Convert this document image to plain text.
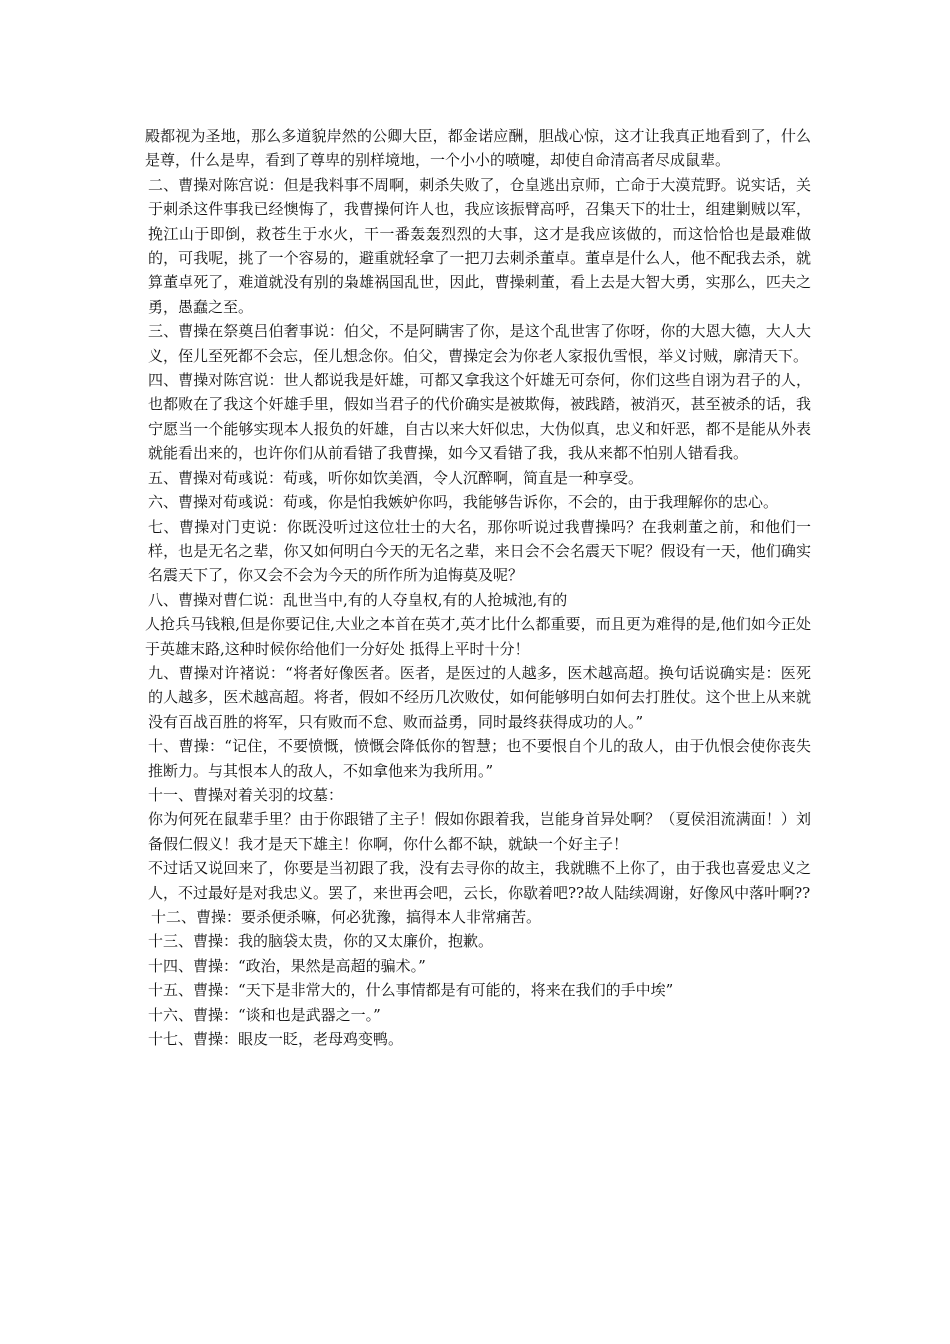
殿都视为圣地，那么多道貌岸然的公卿大臣，都金诺应酬，胆战心惊，这才让我真正地看到了，什么是尊，什么是卑，看到了尊卑的别样境地，一个小小的喷嚏，却使自命清高者尽成鼠辈。

二、曹操对陈宫说：但是我料事不周啊，刺杀失败了，仓皇逃出京师，亡命于大漠荒野。说实话，关于刺杀这件事我已经懊悔了，我曹操何许人也，我应该振臂高呼，召集天下的壮士，组建剿贼以军，挽江山于即倒，救苍生于水火，干一番轰轰烈烈的大事，这才是我应该做的，而这恰恰也是最难做的，可我呢，挑了一个容易的，避重就轻拿了一把刀去刺杀董卓。董卓是什么人，他不配我去杀，就算董卓死了，难道就没有别的枭雄祸国乱世，因此，曹操刺董，看上去是大智大勇，实那么，匹夫之勇，愚蠢之至。

三、曹操在祭奠吕伯奢事说：伯父，不是阿瞒害了你，是这个乱世害了你呀，你的大恩大德，大人大义，侄儿至死都不会忘，侄儿想念你。伯父，曹操定会为你老人家报仇雪恨，举义讨贼，廓清天下。

四、曹操对陈宫说：世人都说我是奸雄，可都又拿我这个奸雄无可奈何，你们这些自诩为君子的人，也都败在了我这个奸雄手里，假如当君子的代价确实是被欺侮，被践踏，被消灭，甚至被杀的话，我宁愿当一个能够实现本人报负的奸雄，自古以来大奸似忠，大伪似真，忠义和奸恶，都不是能从外表就能看出来的，也许你们从前看错了我曹操，如今又看错了我，我从来都不怕别人错看我。

五、曹操对荀彧说：荀彧，听你如饮美酒，令人沉醉啊，简直是一种享受。

六、曹操对荀彧说：荀彧，你是怕我嫉妒你吗，我能够告诉你，不会的，由于我理解你的忠心。

七、曹操对门吏说：你既没听过这位壮士的大名，那你听说过我曹操吗？在我刺董之前，和他们一样，也是无名之辈，你又如何明白今天的无名之辈，来日会不会名震天下呢？假设有一天，他们确实名震天下了，你又会不会为今天的所作所为追悔莫及呢？

八、曹操对曹仁说：乱世当中,有的人夺皇权,有的人抢城池,有的

人抢兵马钱粮,但是你要记住,大业之本首在英才,英才比什么都重要，而且更为难得的是,他们如今正处于英雄末路,这种时候你给他们一分好处 抵得上平时十分！

九、曹操对许褚说：“将者好像医者。医者，是医过的人越多，医术越高超。换句话说确实是：医死的人越多，医术越高超。将者，假如不经历几次败仗，如何能够明白如何去打胜仗。这个世上从来就没有百战百胜的将军，只有败而不怠、败而益勇，同时最终获得成功的人。”

十、曹操：“记住，不要愤慨，愤慨会降低你的智慧；也不要恨自个儿的敌人，由于仇恨会使你丧失推断力。与其恨本人的敌人，不如拿他来为我所用。”

十一、曹操对着关羽的坟墓：

你为何死在鼠辈手里？由于你跟错了主子！假如你跟着我，岂能身首异处啊？（夏侯泪流满面！）刘备假仁假义！我才是天下雄主！你啊，你什么都不缺，就缺一个好主子！

不过话又说回来了，你要是当初跟了我，没有去寻你的故主，我就瞧不上你了，由于我也喜爱忠义之人，不过最好是对我忠义。罢了，来世再会吧，云长，你歇着吧??故人陆续凋谢，好像风中落叶啊??

十二、曹操：要杀便杀嘛，何必犹豫，搞得本人非常痛苦。

十三、曹操：我的脑袋太贵，你的又太廉价，抱歉。

十四、曹操：“政治，果然是高超的骗术。”

十五、曹操：“天下是非常大的，什么事情都是有可能的，将来在我们的手中埃”

十六、曹操：“谈和也是武器之一。”

十七、曹操：眼皮一眨，老母鸡变鸭。
